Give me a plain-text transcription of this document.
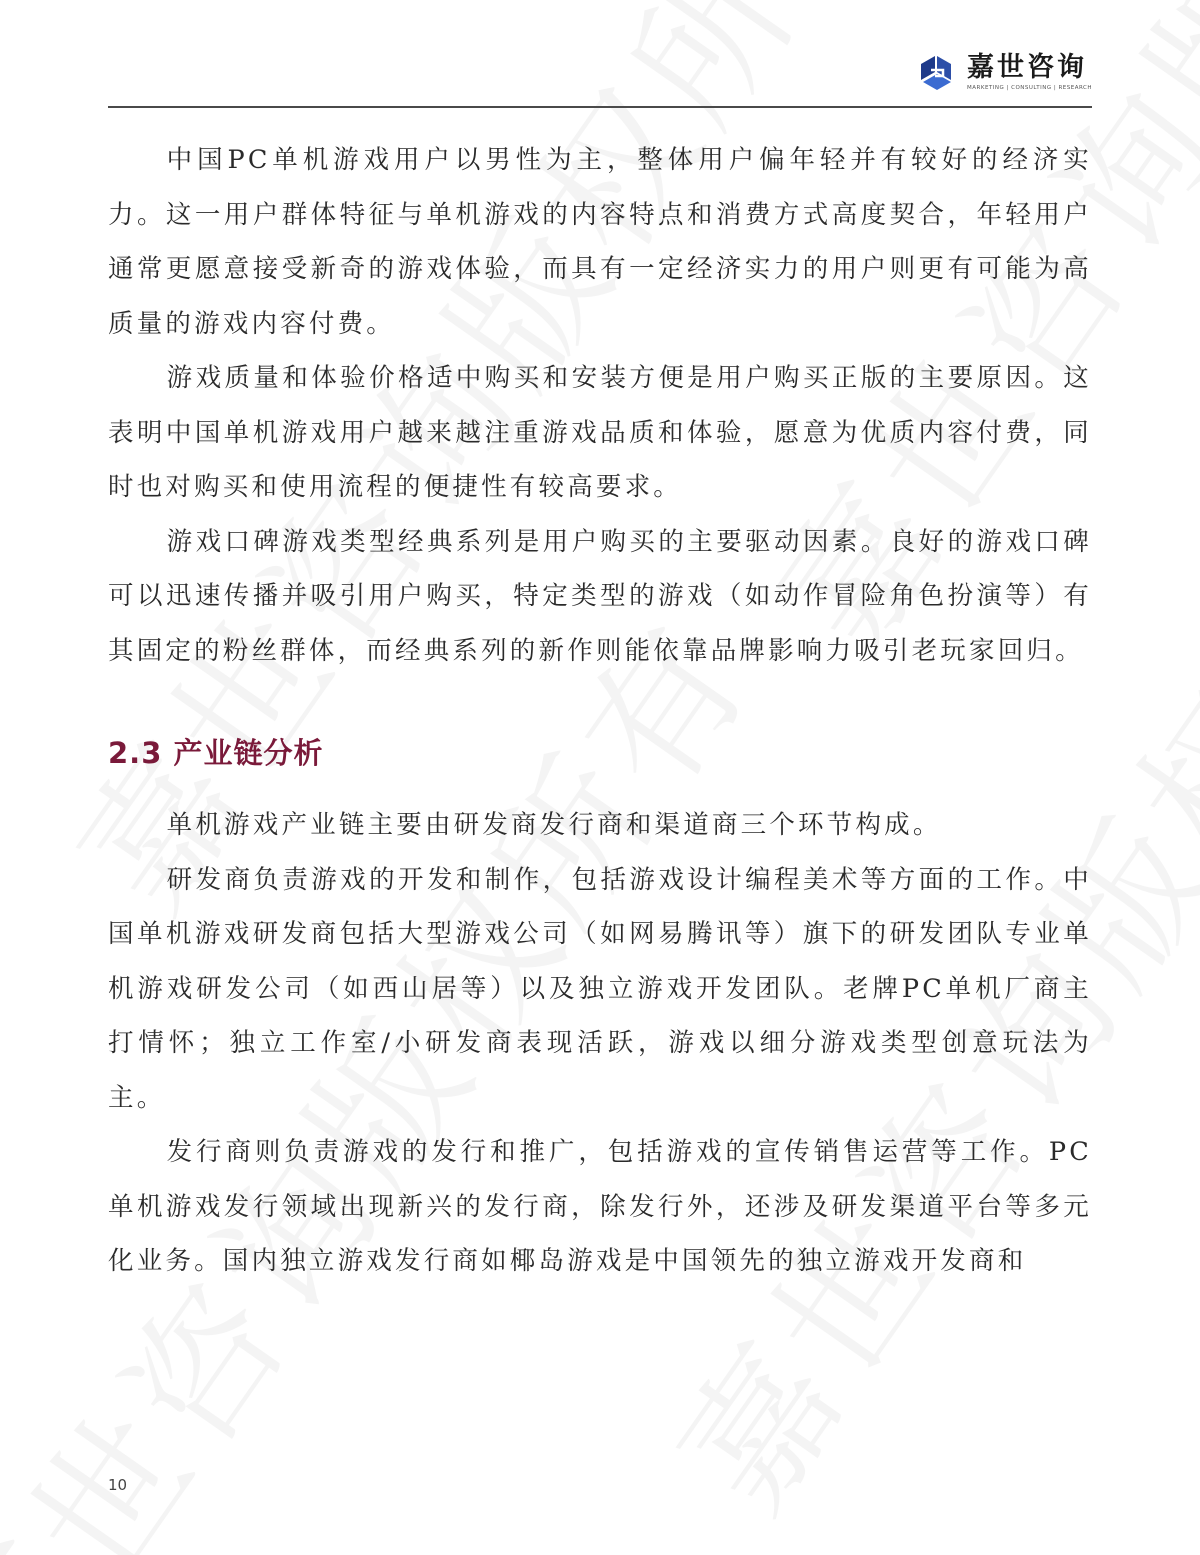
嘉世咨询
MARKETING | CONSULTING | RESEARCH

中国PC单机游戏用户以男性为主，整体用户偏年轻并有较好的经济实力。这一用户群体特征与单机游戏的内容特点和消费方式高度契合，年轻用户通常更愿意接受新奇的游戏体验，而具有一定经济实力的用户则更有可能为高质量的游戏内容付费。

游戏质量和体验价格适中购买和安装方便是用户购买正版的主要原因。这表明中国单机游戏用户越来越注重游戏品质和体验，愿意为优质内容付费，同时也对购买和使用流程的便捷性有较高要求。

游戏口碑游戏类型经典系列是用户购买的主要驱动因素。良好的游戏口碑可以迅速传播并吸引用户购买，特定类型的游戏（如动作冒险角色扮演等）有其固定的粉丝群体，而经典系列的新作则能依靠品牌影响力吸引老玩家回归。

2.3 产业链分析

单机游戏产业链主要由研发商发行商和渠道商三个环节构成。

研发商负责游戏的开发和制作，包括游戏设计编程美术等方面的工作。中国单机游戏研发商包括大型游戏公司（如网易腾讯等）旗下的研发团队专业单机游戏研发公司（如西山居等）以及独立游戏开发团队。老牌PC单机厂商主打情怀；独立工作室/小研发商表现活跃，游戏以细分游戏类型创意玩法为主。

发行商则负责游戏的发行和推广，包括游戏的宣传销售运营等工作。PC单机游戏发行领域出现新兴的发行商，除发行外，还涉及研发渠道平台等多元化业务。国内独立游戏发行商如椰岛游戏是中国领先的独立游戏开发商和

10
